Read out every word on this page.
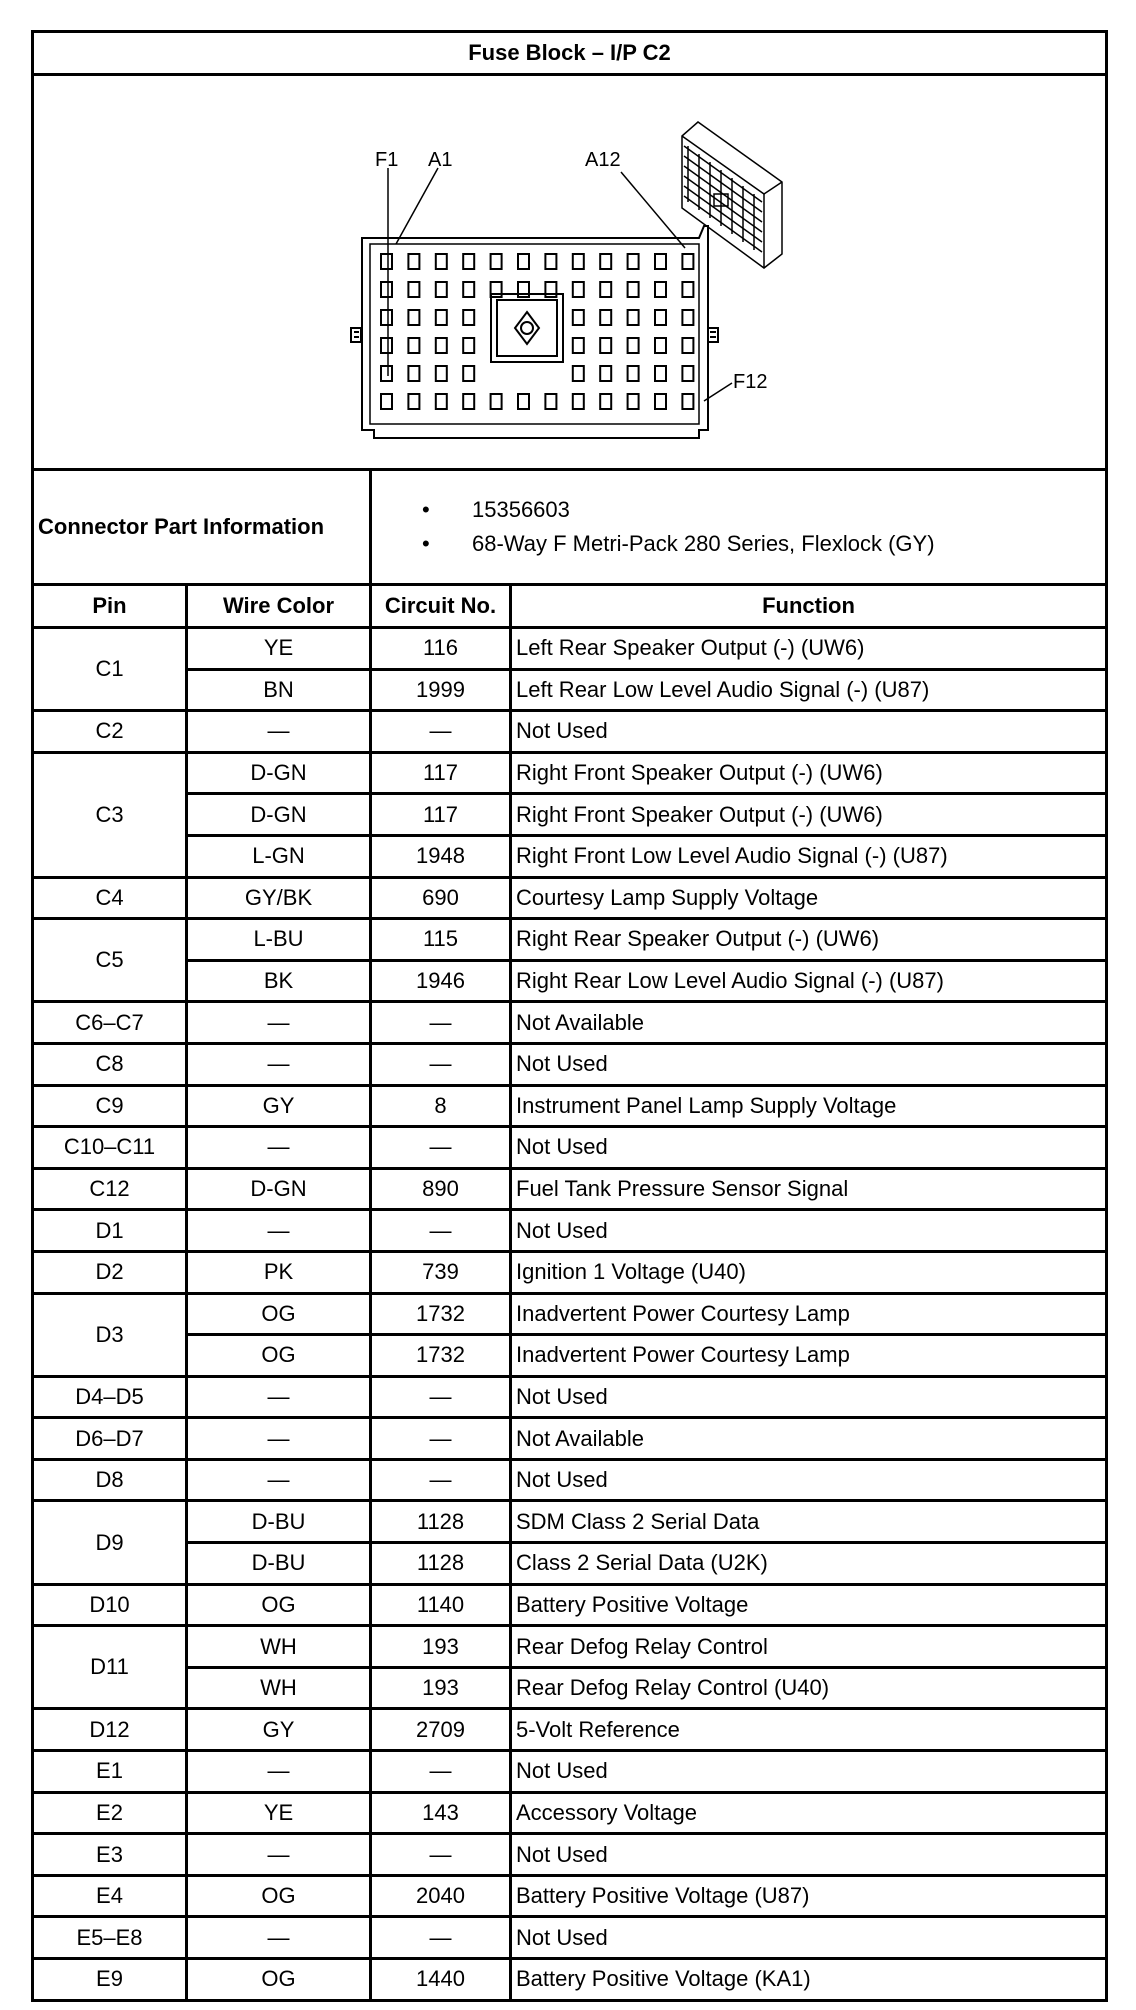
Fuse Block – I/P C2			

F1 A1 A12
F12			

Connector Part Information		• 15356603
• 68-Way F Metri-Pack 280 Series, Flexlock (GY)	

Pin	Wire Color	Circuit No.	Function
C1	YE	116	Left Rear Speaker Output (-) (UW6)
	BN	1999	Left Rear Low Level Audio Signal (-) (U87)
C2	—	—	Not Used
C3	D-GN	117	Right Front Speaker Output (-) (UW6)
	D-GN	117	Right Front Speaker Output (-) (UW6)
	L-GN	1948	Right Front Low Level Audio Signal (-) (U87)
C4	GY/BK	690	Courtesy Lamp Supply Voltage
C5	L-BU	115	Right Rear Speaker Output (-) (UW6)
	BK	1946	Right Rear Low Level Audio Signal (-) (U87)
C6–C7	—	—	Not Available
C8	—	—	Not Used
C9	GY	8	Instrument Panel Lamp Supply Voltage
C10–C11	—	—	Not Used
C12	D-GN	890	Fuel Tank Pressure Sensor Signal
D1	—	—	Not Used
D2	PK	739	Ignition 1 Voltage (U40)
D3	OG	1732	Inadvertent Power Courtesy Lamp
	OG	1732	Inadvertent Power Courtesy Lamp
D4–D5	—	—	Not Used
D6–D7	—	—	Not Available
D8	—	—	Not Used
D9	D-BU	1128	SDM Class 2 Serial Data
	D-BU	1128	Class 2 Serial Data (U2K)
D10	OG	1140	Battery Positive Voltage
D11	WH	193	Rear Defog Relay Control
	WH	193	Rear Defog Relay Control (U40)
D12	GY	2709	5-Volt Reference
E1	—	—	Not Used
E2	YE	143	Accessory Voltage
E3	—	—	Not Used
E4	OG	2040	Battery Positive Voltage (U87)
E5–E8	—	—	Not Used
E9	OG	1440	Battery Positive Voltage (KA1)
